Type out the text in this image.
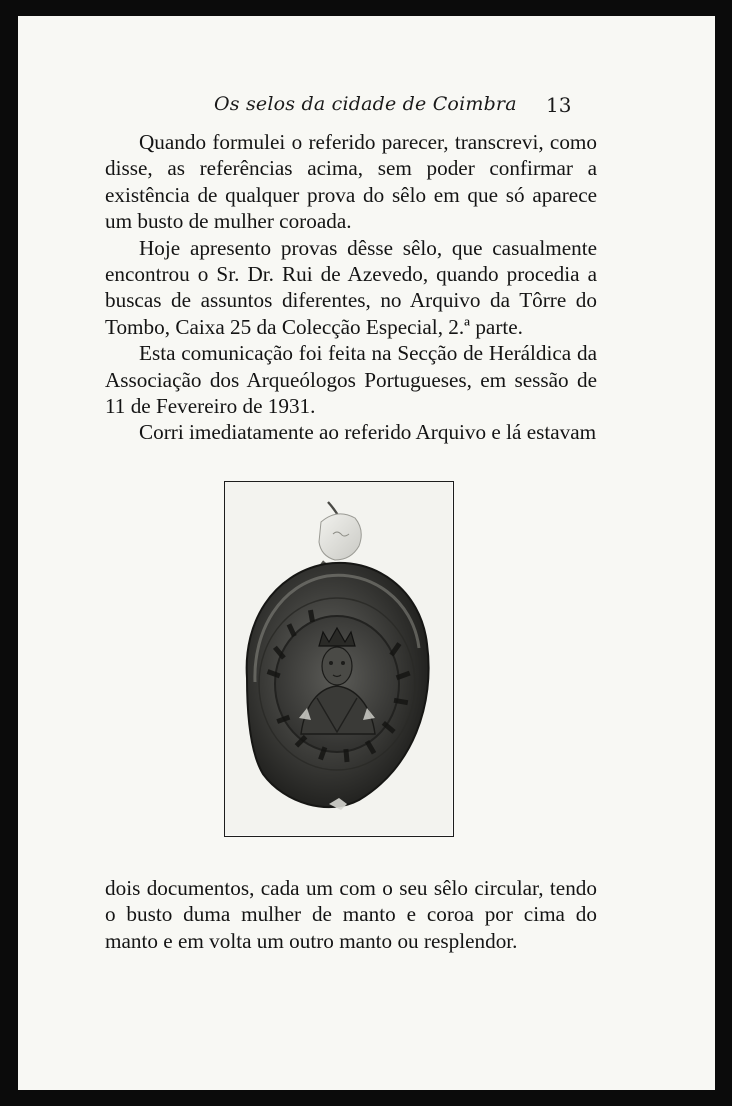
Os selos da cidade de Coimbra 13

Quando formulei o referido parecer, transcrevi, como disse, as referências acima, sem poder confirmar a existência de qualquer prova do sêlo em que só aparece um busto de mulher coroada.

Hoje apresento provas dêsse sêlo, que casualmente encontrou o Sr. Dr. Rui de Azevedo, quando procedia a buscas de assuntos diferentes, no Arquivo da Tôrre do Tombo, Caixa 25 da Colecção Especial, 2.ª parte.

Esta comunicação foi feita na Secção de Heráldica da Associação dos Arqueólogos Portugueses, em sessão de 11 de Fevereiro de 1931.

Corri imediatamente ao referido Arquivo e lá estavam

dois documentos, cada um com o seu sêlo circular, tendo o busto duma mulher de manto e coroa por cima do manto e em volta um outro manto ou resplendor.
